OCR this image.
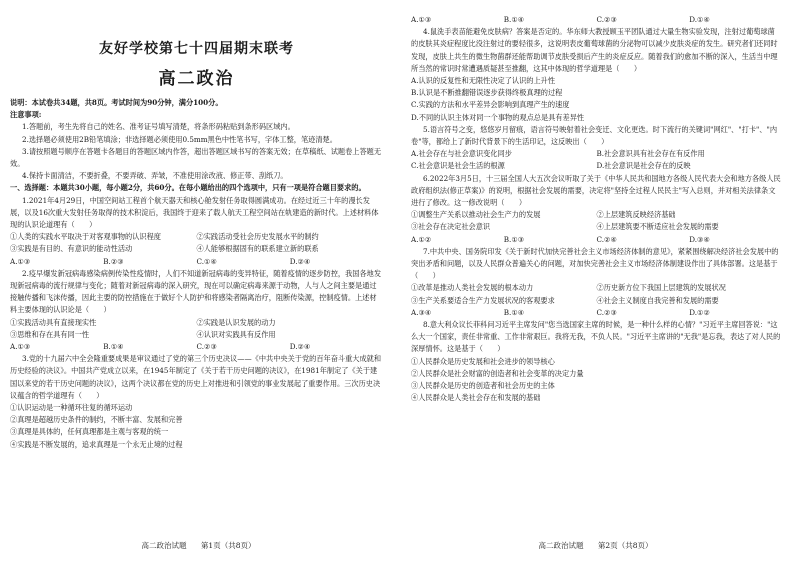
友好学校第七十四届期末联考
高二政治

说明：本试卷共34题，共8页。考试时间为90分钟，满分100分。

注意事项:

1.答题前，考生先将自己的姓名、准考证号填写清楚，将条形码粘贴到条形码区域内。

2.选择题必须使用2B铅笔填涂；非选择题必须使用0.5mm黑色中性笔书写，字体工整，笔迹清楚。

3.请按照题号顺序在答题卡各题目的答题区域内作答，超出答题区域书写的答案无效；在草稿纸、试题卷上答题无效。

4.保持卡面清洁，不要折叠，不要弄破、弄皱，不准使用涂改液、修正带、刮纸刀。

一、选择题：本题共30小题，每小题2分，共60分。在每小题给出的四个选项中，只有一项是符合题目要求的。

1.2021年4月29日，中国空间站工程首个航天器天和核心舱发射任务取得圆满成功。在经过近三十年的漫长发展，以及16次重大发射任务取得的技术积淀后，我国终于迎来了载人航天工程空间站在轨建造的新时代。上述材料体现的认识论道理有（　　）

①人类的实践水平取决于对客观事物的认识程度	②实践活动受社会历史发展水平的制约
③实践是有目的、有意识的能动性活动	④人能够根据固有的联系建立新的联系
A.①③	B.②③	C.①④	D.②④

2.疫早爆发新冠病毒感染病例传染性疫情时，人们不知道新冠病毒的变异特征，随着疫情的逐步防控，我国各地发现新冠病毒的流行规律与变化；随着对新冠病毒的深入研究，现在可以确定病毒来源于动物，人与人之间主要是通过接触传播和飞沫传播，因此主要的防控措施在于做好个人防护和将感染者隔离治疗，阻断传染源，控制疫情。上述材料主要体现的认识论是（　　）

①实践活动具有直接现实性	②实践是认识发展的动力
③思维和存在具有同一性	④认识对实践具有反作用
A.①③	B.①④	C.②③	D.②④

3.党的十九届六中全会隆重要成果是审议通过了党的第三个历史决议——《中共中央关于党的百年奋斗重大成就和历史经验的决议》。中国共产党成立以来，在1945年制定了《关于若干历史问题的决议》，在1981年制定了《关于建国以来党的若干历史问题的决议》，这两个决议都在党的历史上对推进和引领党的事业发展起了重要作用。三次历史决议蕴含的哲学道理有（　　）

①认识运动是一种循环往复的循环运动

②真理是超越历史条件的制约，不断丰富、发展和完善

③真理是具体的，任何真理都是主观与客观的统一

④实践是不断发展的，追求真理是一个永无止境的过程

高二政治试题 第1页（共8页）
A.①③	B.①④	C.②③	D.①④

4.鼠洗手表苗能避免皮肤病？答案是否定的。华东师大教授顾玉平团队通过大量生物实验发现，注射过葡萄球菌的皮肤其炎症程度比没注射过的要轻很多，这说明表皮葡萄球菌的分泌物可以减少皮肤炎症的发生。研究者们还同时发现，皮肤上共生的微生物菌群还能帮助调节皮肤受损后产生的炎症反应。随着我们的愈加不断的深入，生活当中理所当然的常识时常遭遇质疑甚至推翻，这其中体现的哲学道理是（　　）

A.认识的反复性和无限性决定了认识的上升性

B.认识是不断推翻错误逐步获得终极真理的过程

C.实践的方法和水平差异会影响到真理产生的速度

D.不同的认识主体对同一个事物的观点总是具有差异性

5.语言符号之变，悠悠岁月留痕，语言符号映射着社会变迁、文化更迭。时下流行的关键词"网红"、"打卡"、"内卷"等，都给上了新时代背景下的生活印记，这反映出（　　）

A.社会存在与社会意识变化同步	B.社会意识具有社会存在有反作用
C.社会意识是社会生活的根源	D.社会意识是社会存在的反映

6.2022年3月5日，十三届全国人大五次会议听取了关于《中华人民共和国地方各级人民代表大会和地方各级人民政府组织法(修正草案)》的说明，根据社会发展的需要，决定将"坚持全过程人民民主"写入总则，并对相关法律条文进行了修改。这一修改说明（　　）

①调整生产关系以推动社会生产力的发展	②上层建筑反映经济基础
③社会存在决定社会意识	④上层建筑要不断适应社会发展的需要
A.①②	B.①③	C.②④	D.③④

7.中共中央、国务院印发《关于新时代加快完善社会主义市场经济体制的意见》，紧紧围绕解决经济社会发展中的突出矛盾和问题，以及人民群众普遍关心的问题，对加快完善社会主义市场经济体制建设作出了具体部署。这是基于（　　）

①改革是推动人类社会发展的根本动力	②历史新方位下我国上层建筑的发展状况
③生产关系要适合生产力发展状况的客观要求	④社会主义制度自我完善和发展的需要
A.③④	B.①④	C.②③	D.①②

8.意大利众议长菲科问习近平主席发问"您当选国家主席的时候，是一种什么样的心情？"习近平主席回答说："这么大一个国家，责任非常重、工作非常艰巨。我将无我，不负人民。"习近平主席讲的"无我"是忘我，表达了对人民的深厚情怀。这是基于（　　）

①人民群众是历史发展和社会进步的领导核心

②人民群众是社会财富的创造者和社会变革的决定力量

③人民群众是历史的创造者和社会历史的主体

④人民群众是人类社会存在和发展的基础

高二政治试题 第2页（共8页）
